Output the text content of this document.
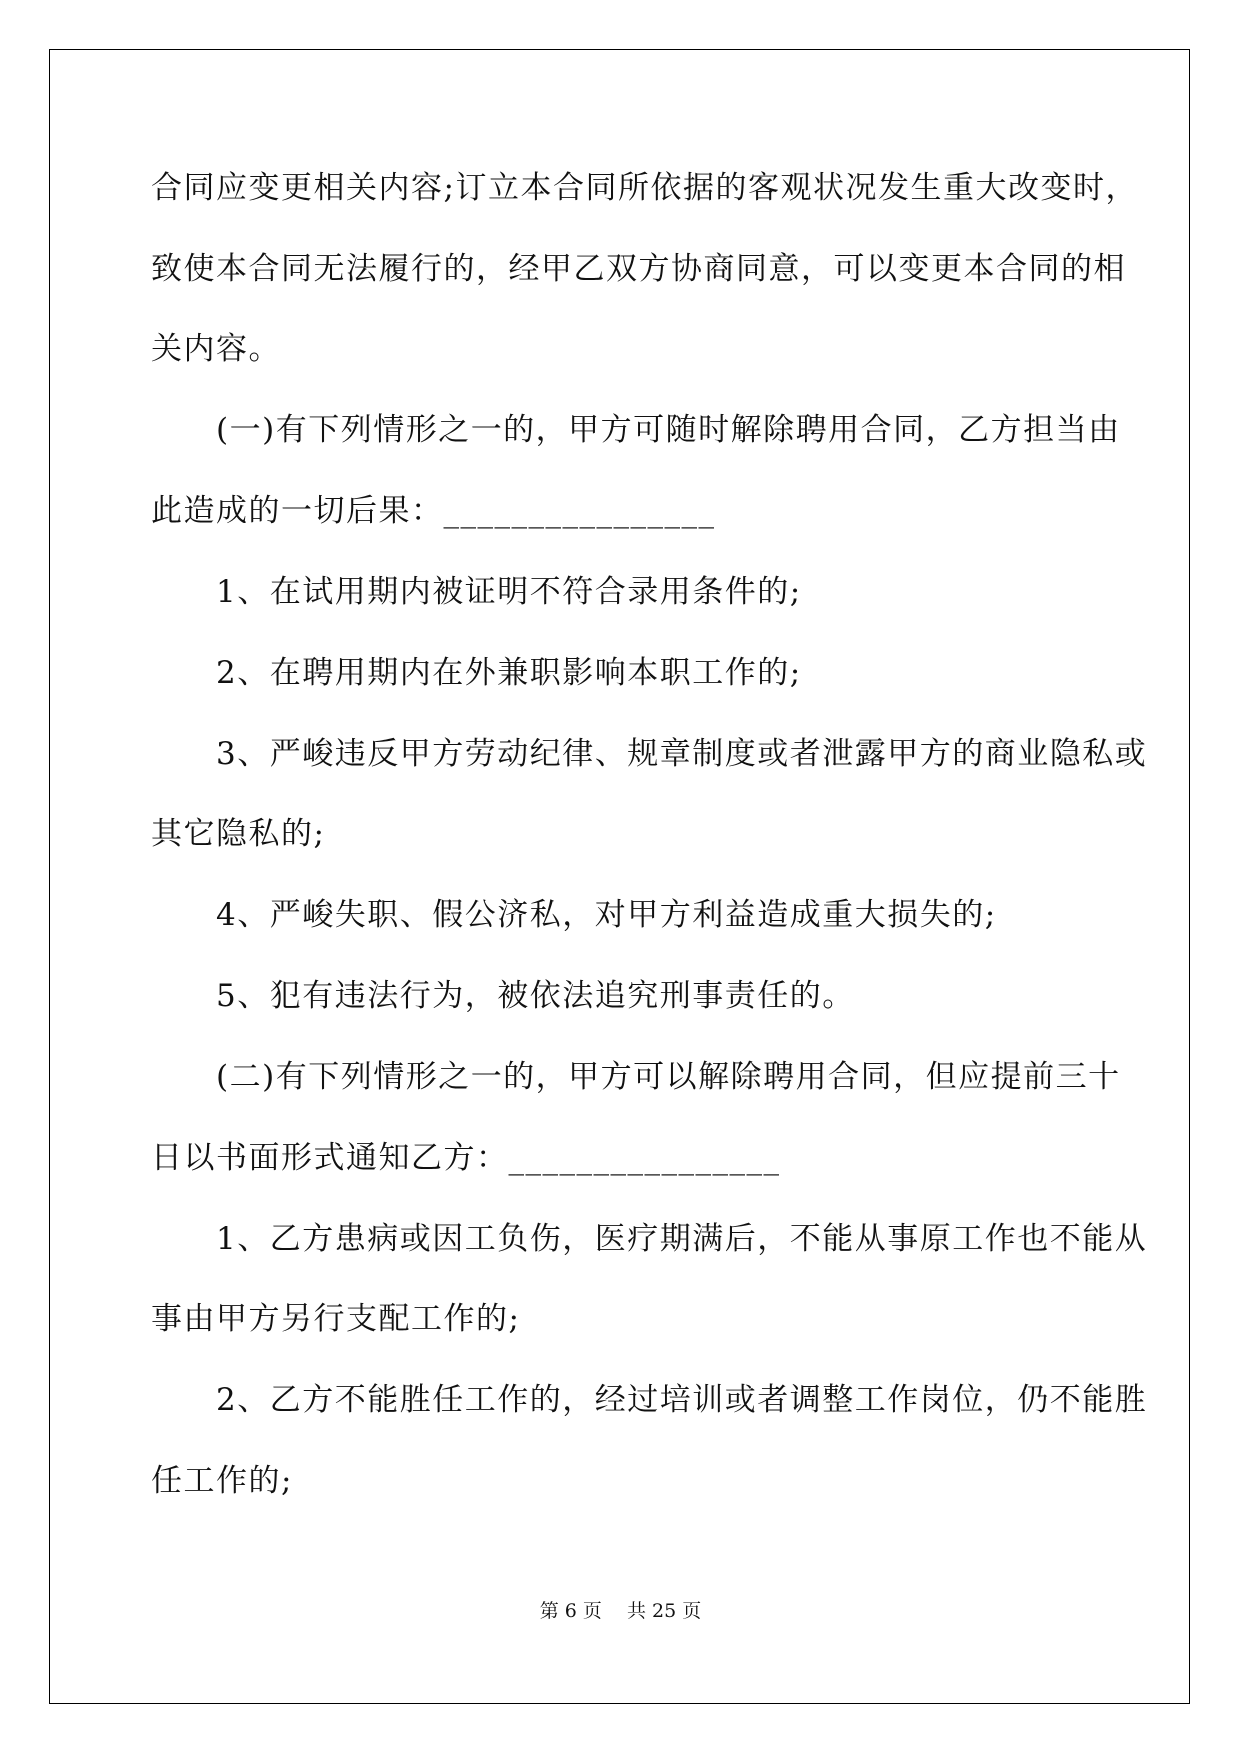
合同应变更相关内容;订立本合同所依据的客观状况发生重大改变时，
致使本合同无法履行的，经甲乙双方协商同意，可以变更本合同的相
关内容。
　　(一)有下列情形之一的，甲方可随时解除聘用合同，乙方担当由
此造成的一切后果：________________
　　1、在试用期内被证明不符合录用条件的;
　　2、在聘用期内在外兼职影响本职工作的;
　　3、严峻违反甲方劳动纪律、规章制度或者泄露甲方的商业隐私或
其它隐私的;
　　4、严峻失职、假公济私，对甲方利益造成重大损失的;
　　5、犯有违法行为，被依法追究刑事责任的。
　　(二)有下列情形之一的，甲方可以解除聘用合同，但应提前三十
日以书面形式通知乙方：________________
　　1、乙方患病或因工负伤，医疗期满后，不能从事原工作也不能从
事由甲方另行支配工作的;
　　2、乙方不能胜任工作的，经过培训或者调整工作岗位，仍不能胜
任工作的;
第 6 页　 共 25 页
